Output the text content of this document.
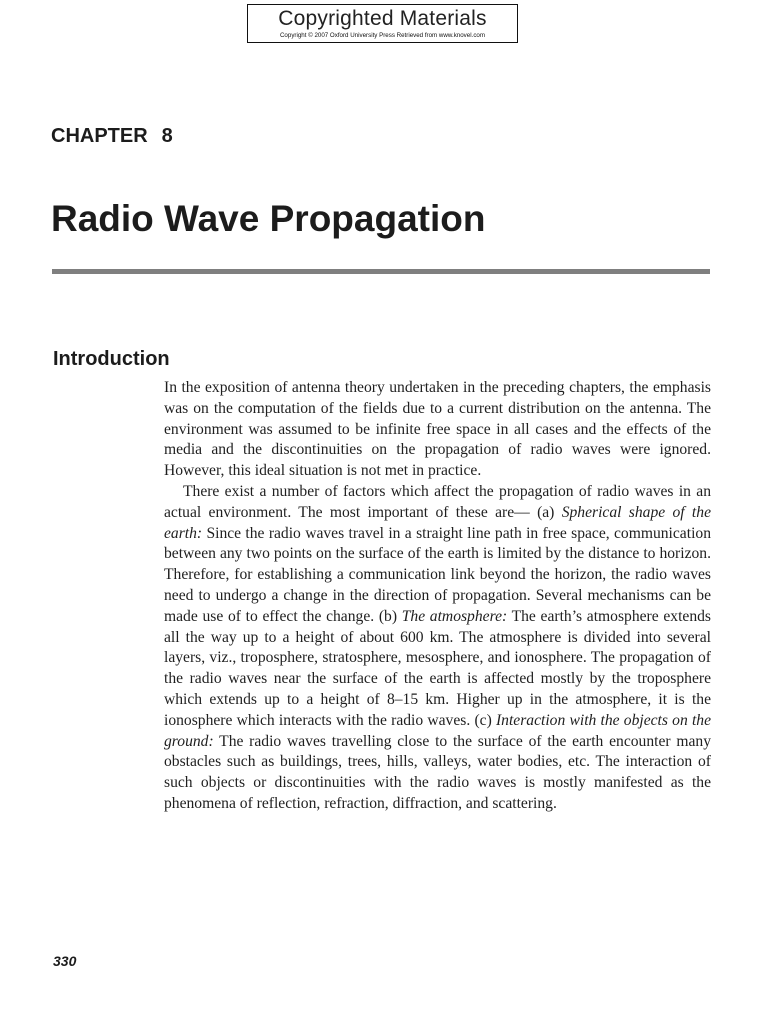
Copyrighted Materials
Copyright © 2007 Oxford University Press Retrieved from www.knovel.com
CHAPTER 8
Radio Wave Propagation
Introduction

In the exposition of antenna theory undertaken in the preceding chapters, the emphasis was on the computation of the fields due to a current distribution on the antenna. The environment was assumed to be infinite free space in all cases and the effects of the media and the discontinuities on the propagation of radio waves were ignored. However, this ideal situation is not met in practice.

There exist a number of factors which affect the propagation of radio waves in an actual environment. The most important of these are— (a) Spherical shape of the earth: Since the radio waves travel in a straight line path in free space, communication between any two points on the surface of the earth is limited by the distance to horizon. Therefore, for establishing a communication link beyond the horizon, the radio waves need to undergo a change in the direction of propagation. Several mechanisms can be made use of to effect the change. (b) The atmosphere: The earth’s atmosphere extends all the way up to a height of about 600 km. The atmosphere is divided into several layers, viz., troposphere, stratosphere, mesosphere, and ionosphere. The propagation of the radio waves near the surface of the earth is affected mostly by the troposphere which extends up to a height of 8–15 km. Higher up in the atmosphere, it is the ionosphere which interacts with the radio waves. (c) Interaction with the objects on the ground: The radio waves travelling close to the surface of the earth encounter many obstacles such as buildings, trees, hills, valleys, water bodies, etc. The interaction of such objects or discontinuities with the radio waves is mostly manifested as the phenomena of reflection, refraction, diffraction, and scattering.

330
